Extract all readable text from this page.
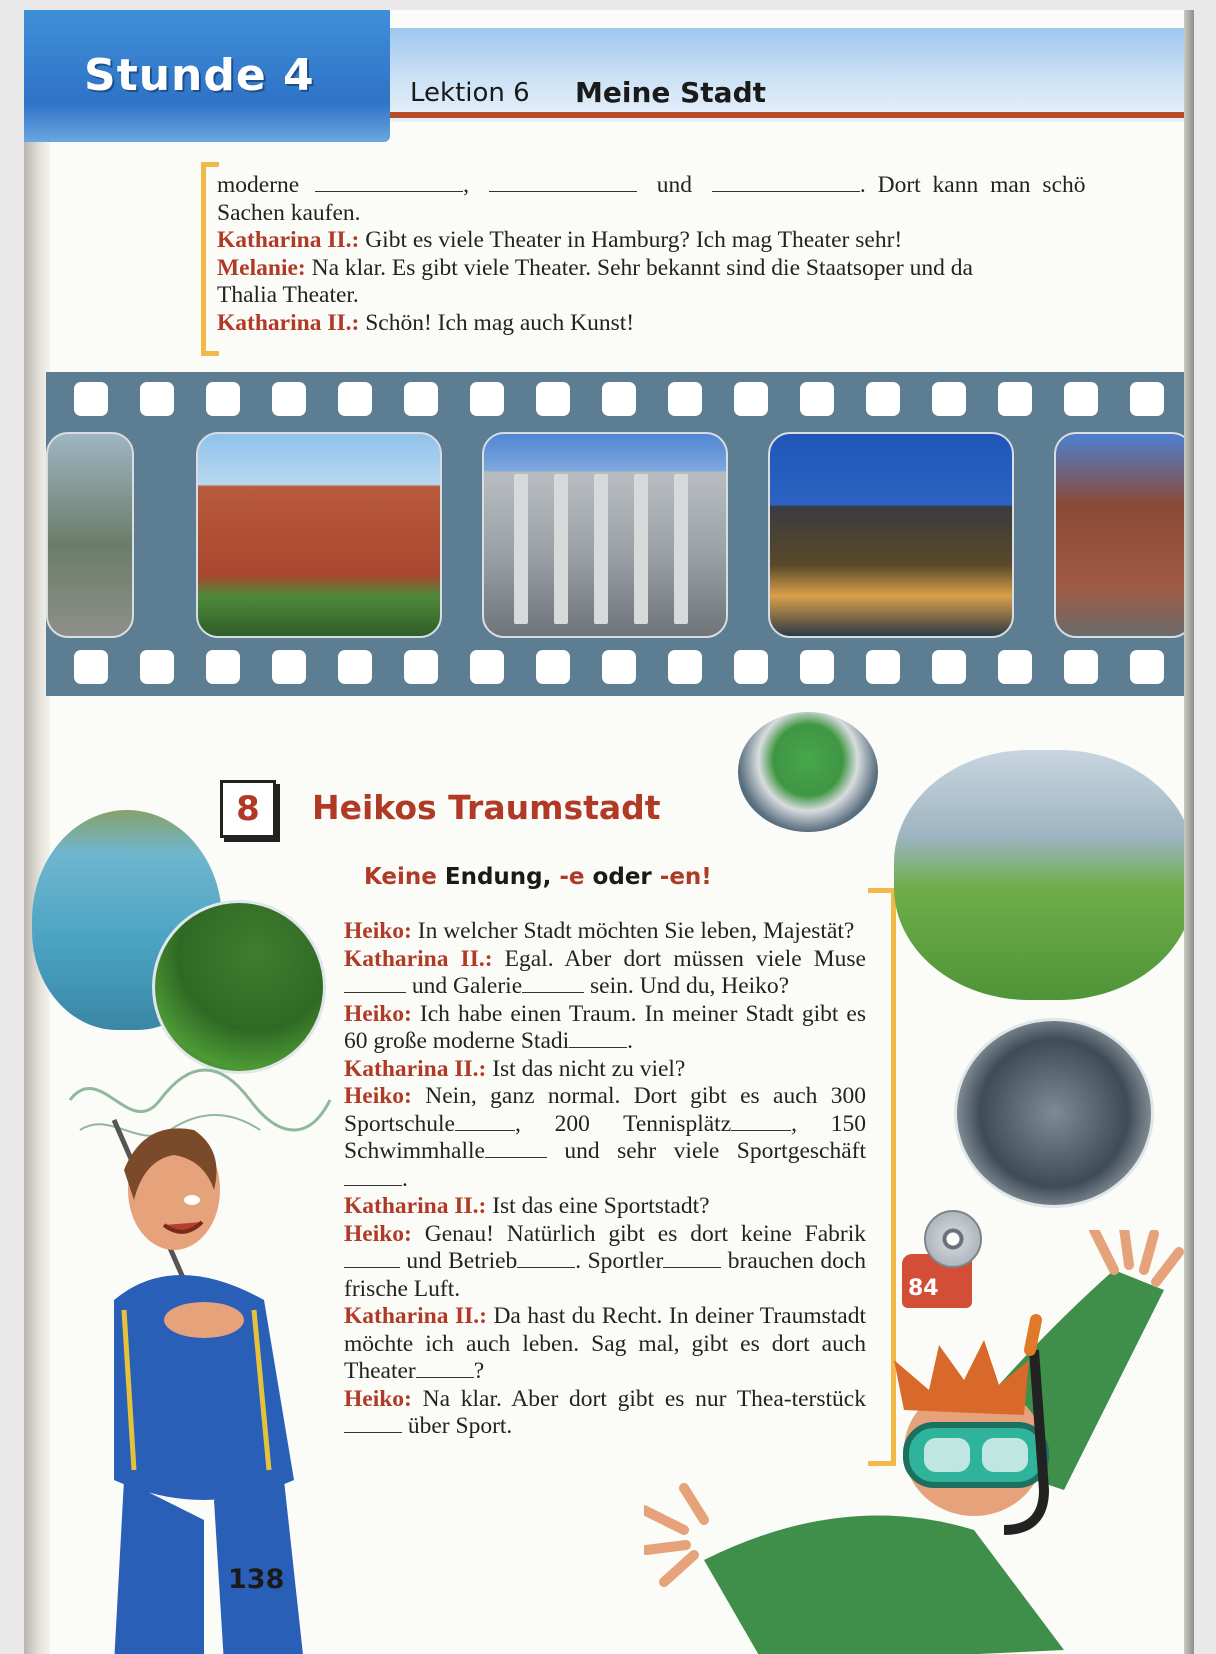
Stunde 4	Lektion 6 Meine Stadt
moderne	,	und	. Dort kann man schö
Sachen kaufen.
Katharina II.: Gibt es viele Theater in Hamburg? Ich mag Theater sehr!
Melanie: Na klar. Es gibt viele Theater. Sehr bekannt sind die Staatsoper und da
Thalia Theater.
Katharina II.: Schön! Ich mag auch Kunst!
8	Heikos Traumstadt
Keine Endung, -e oder -en!

Heiko: In welcher Stadt möchten Sie leben, Majestät?

Katharina II.: Egal. Aber dort müssen viele Muse und Galerie	sein. Und du, Heiko?

Heiko: Ich habe einen Traum. In meiner Stadt gibt es 60 große moderne Stadi .

Katharina II.: Ist das nicht zu viel?

Heiko: Nein, ganz normal. Dort gibt es auch 300 Sportschule	, 200 Tennisplätz	, 150 Schwimmhalle	und sehr viele Sportgeschäft.

Katharina II.: Ist das eine Sportstadt?

Heiko: Genau! Natürlich gibt es dort keine Fabrik und Betrieb . Sportler brauchen doch frische Luft.

Katharina II.: Da hast du Recht. In deiner Traumstadt möchte ich auch leben. Sag mal, gibt es dort auch Theater ?

Heiko: Na klar. Aber dort gibt es nur Thea-terstück über Sport.

84
138
